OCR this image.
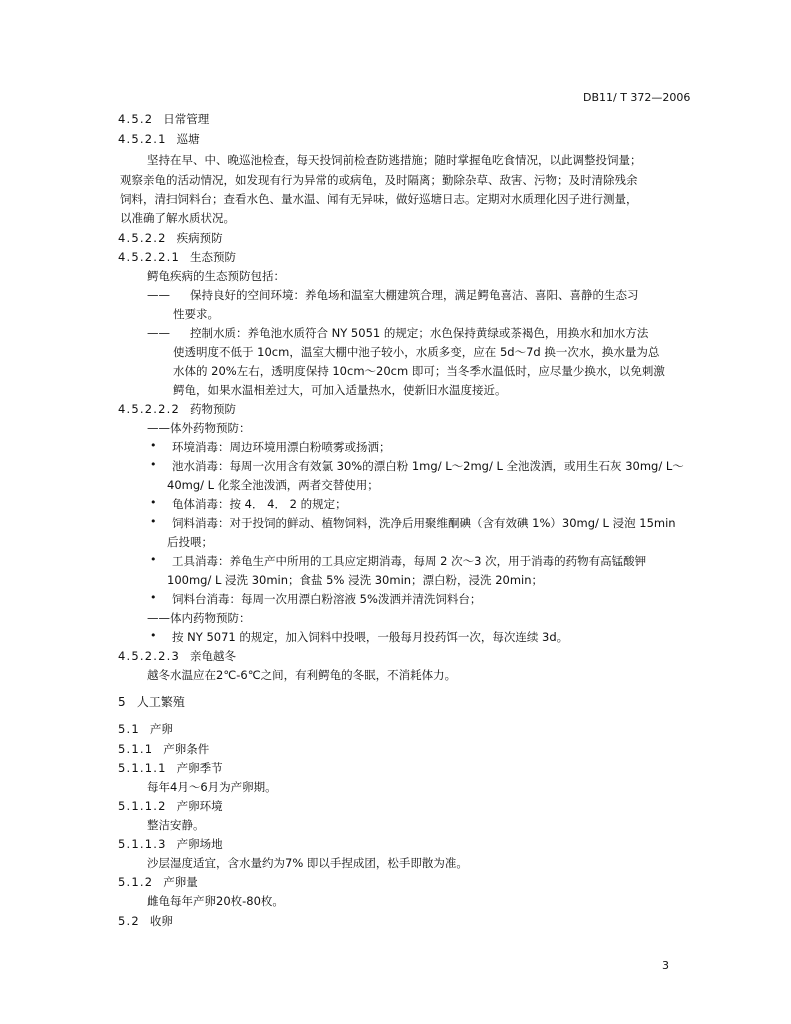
DB11/ T 372—2006
4.5.2 日常管理
4.5.2.1 巡塘
坚持在早、中、晚巡池检查，每天投饲前检查防逃措施；随时掌握龟吃食情况，以此调整投饲量；
观察亲龟的活动情况，如发现有行为异常的或病龟，及时隔离；勤除杂草、敌害、污物；及时清除残余
饲料，清扫饲料台；查看水色、量水温、闻有无异味，做好巡塘日志。定期对水质理化因子进行测量，
以准确了解水质状况。
4.5.2.2 疾病预防
4.5.2.2.1 生态预防
鳄龟疾病的生态预防包括：
—— 保持良好的空间环境：养龟场和温室大棚建筑合理，满足鳄龟喜洁、喜阳、喜静的生态习
性要求。
—— 控制水质：养龟池水质符合 NY 5051 的规定；水色保持黄绿或茶褐色，用换水和加水方法
使透明度不低于 10cm，温室大棚中池子较小，水质多变，应在 5d～7d 换一次水，换水量为总
水体的 20%左右，透明度保持 10cm～20cm 即可；当冬季水温低时，应尽量少换水，以免刺激
鳄龟，如果水温相差过大，可加入适量热水，使新旧水温度接近。
4.5.2.2.2 药物预防
——体外药物预防：
• 环境消毒：周边环境用漂白粉喷雾或扬洒；
• 池水消毒：每周一次用含有效氯 30%的漂白粉 1mg/ L～2mg/ L 全池泼洒，或用生石灰 30mg/ L～
40mg/ L 化浆全池泼洒，两者交替使用；
• 龟体消毒：按 4． 4． 2 的规定；
• 饲料消毒：对于投饲的鲜动、植物饲料，洗净后用聚维酮碘（含有效碘 1%）30mg/ L 浸泡 15min
后投喂；
• 工具消毒：养龟生产中所用的工具应定期消毒，每周 2 次～3 次，用于消毒的药物有高锰酸钾
100mg/ L 浸洗 30min；食盐 5% 浸洗 30min；漂白粉，浸洗 20min；
• 饲料台消毒：每周一次用漂白粉溶液 5%泼洒并清洗饲料台；
——体内药物预防：
• 按 NY 5071 的规定，加入饲料中投喂，一般每月投药饵一次，每次连续 3d。
4.5.2.2.3 亲龟越冬
越冬水温应在2℃-6℃之间，有利鳄龟的冬眠，不消耗体力。
5 人工繁殖
5.1 产卵
5.1.1 产卵条件
5.1.1.1 产卵季节
每年4月～6月为产卵期。
5.1.1.2 产卵环境
整洁安静。
5.1.1.3 产卵场地
沙层湿度适宜，含水量约为7% 即以手捏成团，松手即散为准。
5.1.2 产卵量
雌龟每年产卵20枚-80枚。
5.2 收卵
3
